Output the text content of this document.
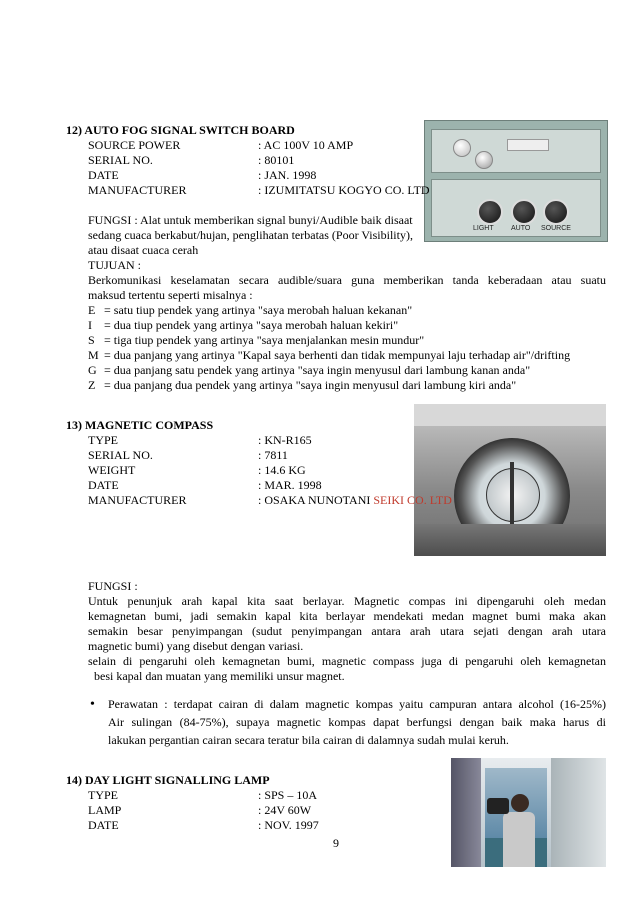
12) AUTO FOG SIGNAL SWITCH BOARD
SOURCE POWER	: AC 100V 10 AMP
SERIAL NO.	: 80101
DATE	: JAN. 1998
MANUFACTURER	: IZUMITATSU KOGYO CO. LTD
LIGHT AUTO SOURCE
FUNGSI : Alat untuk memberikan signal bunyi/Audible baik disaat
sedang cuaca berkabut/hujan, penglihatan terbatas (Poor Visibility),
atau disaat cuaca cerah
TUJUAN :
Berkomunikasi keselamatan secara audible/suara guna memberikan tanda keberadaan atau suatu
maksud tertentu seperti misalnya :
E = satu tiup pendek yang artinya "saya merobah haluan kekanan"
I = dua tiup pendek yang artinya "saya merobah haluan kekiri"
S = tiga tiup pendek yang artinya "saya menjalankan mesin mundur"
M = dua panjang yang artinya "Kapal saya berhenti dan tidak mempunyai laju terhadap air"/drifting
G = dua panjang satu pendek yang artinya "saya ingin menyusul dari lambung kanan anda"
Z = dua panjang dua pendek yang artinya "saya ingin menyusul dari lambung kiri anda"
13) MAGNETIC COMPASS
TYPE	: KN-R165
SERIAL NO.	: 7811
WEIGHT	: 14.6 KG
DATE	: MAR. 1998
MANUFACTURER	: OSAKA NUNOTANI SEIKI CO. LTD
FUNGSI :
Untuk penunjuk arah kapal kita saat berlayar. Magnetic compas ini dipengaruhi oleh medan
kemagnetan bumi, jadi semakin kapal kita berlayar mendekati medan magnet bumi maka akan
semakin besar penyimpangan (sudut penyimpangan antara arah utara sejati dengan arah utara
magnetic bumi) yang disebut dengan variasi.
selain di pengaruhi oleh kemagnetan bumi, magnetic compass juga di pengaruhi oleh kemagnetan
besi kapal dan muatan yang memiliki unsur magnet.
• Perawatan : terdapat cairan di dalam magnetic kompas yaitu campuran antara alcohol (16-25%)
Air sulingan (84-75%), supaya magnetic kompas dapat berfungsi dengan baik maka harus di
lakukan pergantian cairan secara teratur bila cairan di dalamnya sudah mulai keruh.
14) DAY LIGHT SIGNALLING LAMP
TYPE	: SPS – 10A
LAMP	: 24V 60W
DATE	: NOV. 1997
9
